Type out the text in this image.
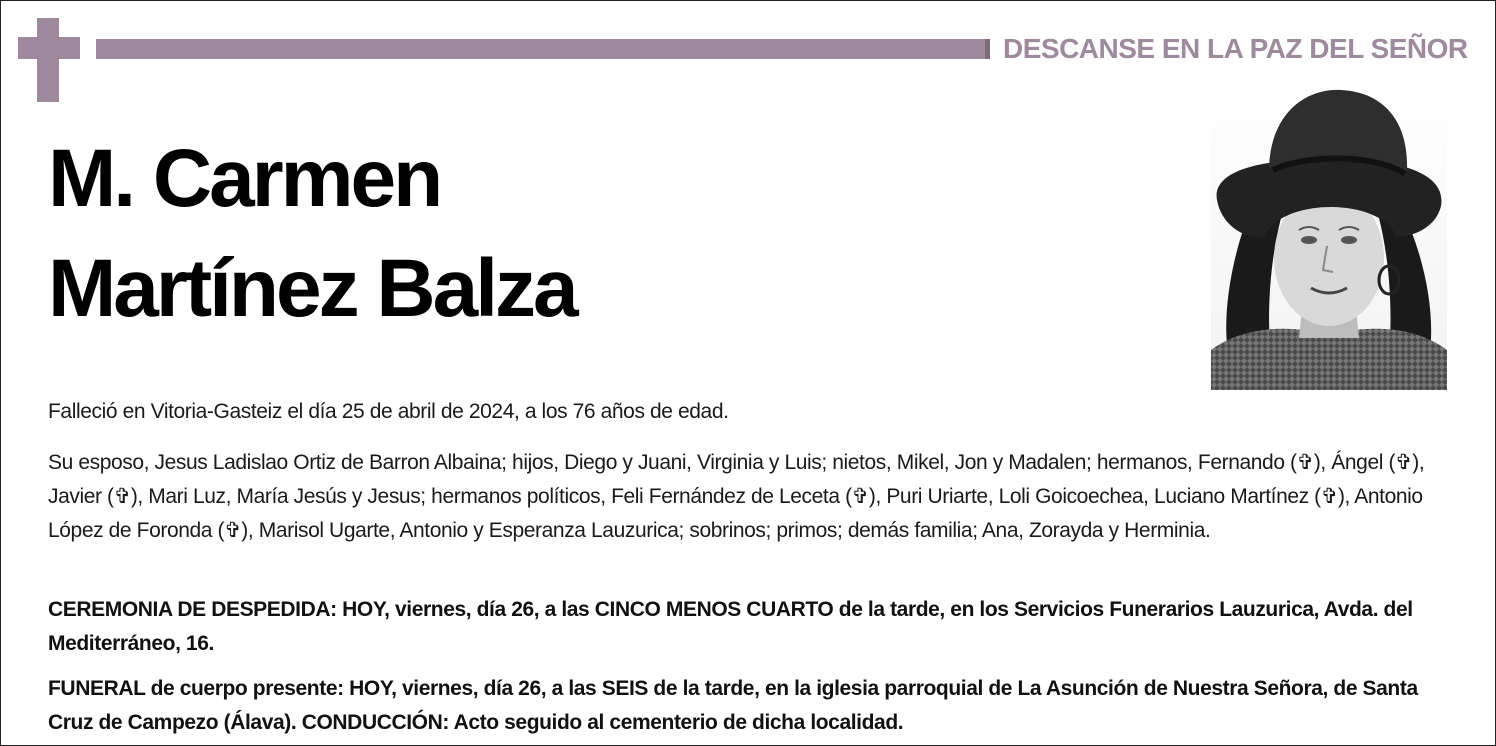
DESCANSE EN LA PAZ DEL SEÑOR
M. Carmen
Martínez Balza
Falleció en Vitoria-Gasteiz el día 25 de abril de 2024, a los 76 años de edad.
Su esposo, Jesus Ladislao Ortiz de Barron Albaina; hijos, Diego y Juani, Virginia y Luis; nietos, Mikel, Jon y Madalen; hermanos, Fernando (✞), Ángel (✞), Javier (✞), Mari Luz, María Jesús y Jesus; hermanos políticos, Feli Fernández de Leceta (✞), Puri Uriarte, Loli Goicoechea, Luciano Martínez (✞), Antonio López de Foronda (✞), Marisol Ugarte, Antonio y Esperanza Lauzurica; sobrinos; primos; demás familia; Ana, Zorayda y Herminia.
CEREMONIA DE DESPEDIDA: HOY, viernes, día 26, a las CINCO MENOS CUARTO de la tarde, en los Servicios Funerarios Lauzurica, Avda. del Mediterráneo, 16.
FUNERAL de cuerpo presente: HOY, viernes, día 26, a las SEIS de la tarde, en la iglesia parroquial de La Asunción de Nuestra Señora, de Santa Cruz de Campezo (Álava). CONDUCCIÓN: Acto seguido al cementerio de dicha localidad.
